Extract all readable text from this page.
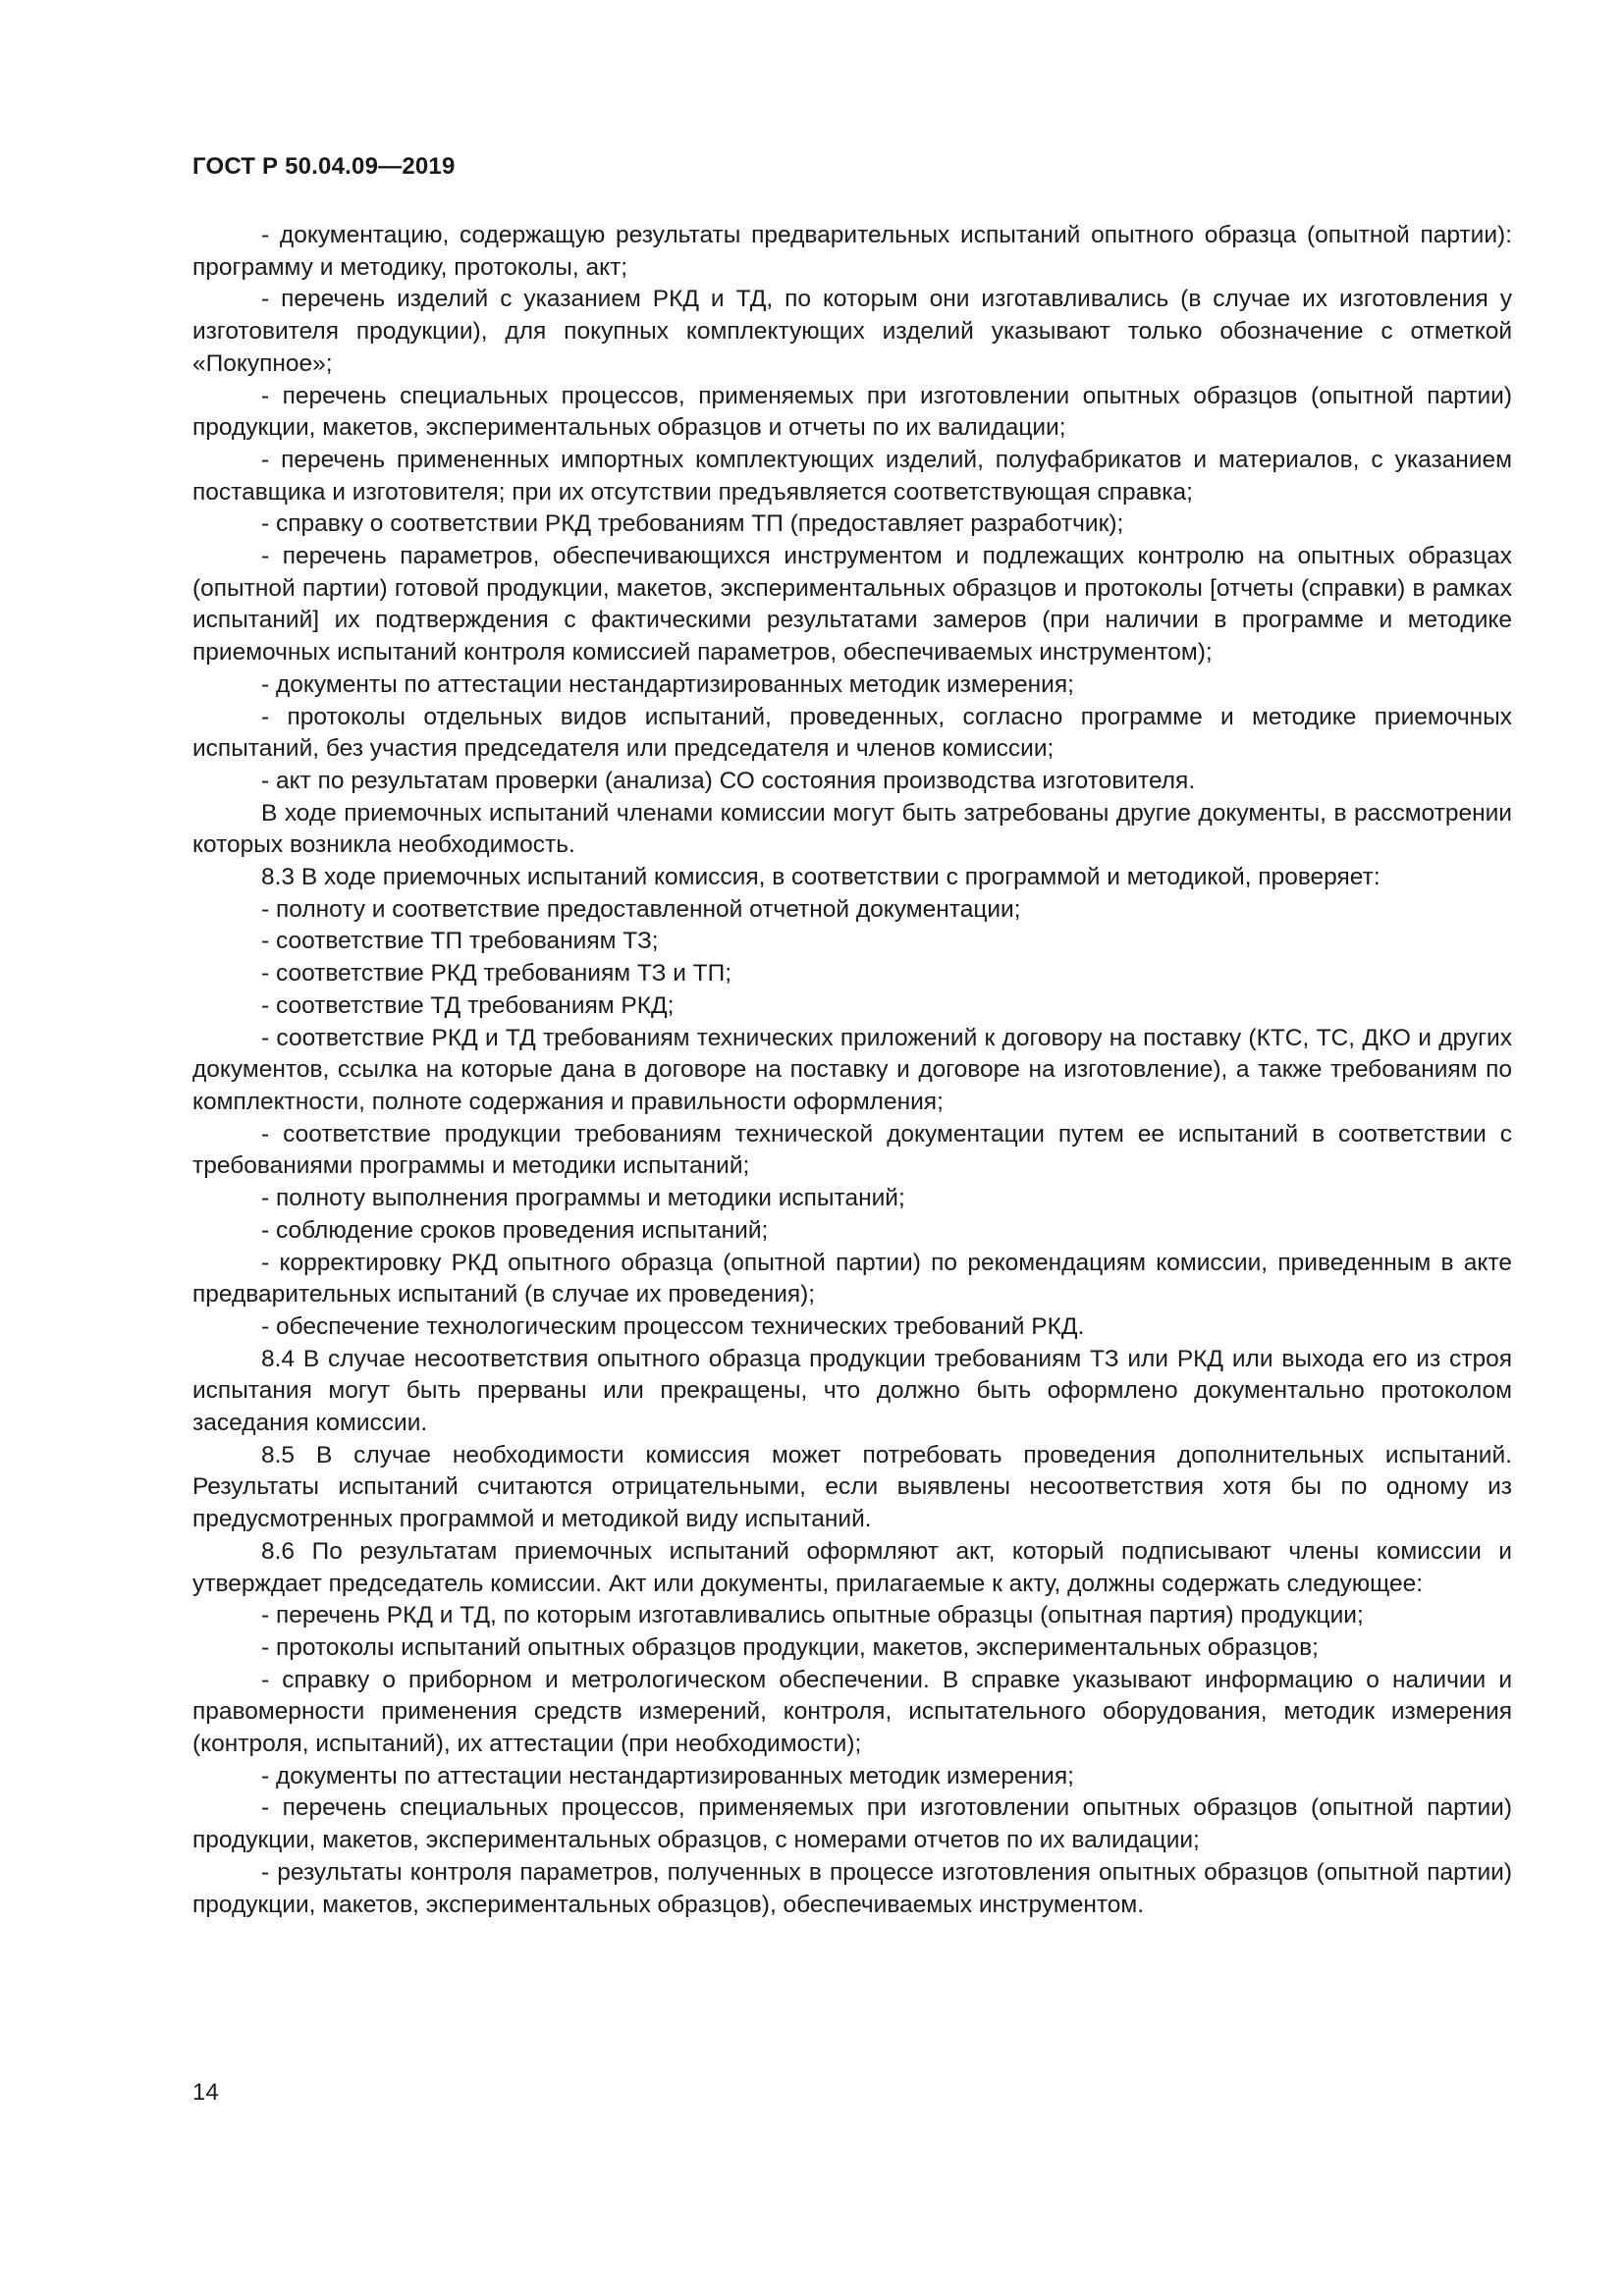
ГОСТ Р 50.04.09—2019

- документацию, содержащую результаты предварительных испытаний опытного образца (опытной партии): программу и методику, протоколы, акт;

- перечень изделий с указанием РКД и ТД, по которым они изготавливались (в случае их изготовления у изготовителя продукции), для покупных комплектующих изделий указывают только обозначение с отметкой «Покупное»;

- перечень специальных процессов, применяемых при изготовлении опытных образцов (опытной партии) продукции, макетов, экспериментальных образцов и отчеты по их валидации;

- перечень примененных импортных комплектующих изделий, полуфабрикатов и материалов, с указанием поставщика и изготовителя; при их отсутствии предъявляется соответствующая справка;

- справку о соответствии РКД требованиям ТП (предоставляет разработчик);

- перечень параметров, обеспечивающихся инструментом и подлежащих контролю на опытных образцах (опытной партии) готовой продукции, макетов, экспериментальных образцов и протоколы [отчеты (справки) в рамках испытаний] их подтверждения с фактическими результатами замеров (при наличии в программе и методике приемочных испытаний контроля комиссией параметров, обеспечиваемых инструментом);

- документы по аттестации нестандартизированных методик измерения;

- протоколы отдельных видов испытаний, проведенных, согласно программе и методике приемочных испытаний, без участия председателя или председателя и членов комиссии;

- акт по результатам проверки (анализа) СО состояния производства изготовителя.

В ходе приемочных испытаний членами комиссии могут быть затребованы другие документы, в рассмотрении которых возникла необходимость.

8.3 В ходе приемочных испытаний комиссия, в соответствии с программой и методикой, проверяет:

- полноту и соответствие предоставленной отчетной документации;

- соответствие ТП требованиям ТЗ;

- соответствие РКД требованиям ТЗ и ТП;

- соответствие ТД требованиям РКД;

- соответствие РКД и ТД требованиям технических приложений к договору на поставку (КТС, ТС, ДКО и других документов, ссылка на которые дана в договоре на поставку и договоре на изготовление), а также требованиям по комплектности, полноте содержания и правильности оформления;

- соответствие продукции требованиям технической документации путем ее испытаний в соответствии с требованиями программы и методики испытаний;

- полноту выполнения программы и методики испытаний;

- соблюдение сроков проведения испытаний;

- корректировку РКД опытного образца (опытной партии) по рекомендациям комиссии, приведенным в акте предварительных испытаний (в случае их проведения);

- обеспечение технологическим процессом технических требований РКД.

8.4 В случае несоответствия опытного образца продукции требованиям ТЗ или РКД или выхода его из строя испытания могут быть прерваны или прекращены, что должно быть оформлено документально протоколом заседания комиссии.

8.5 В случае необходимости комиссия может потребовать проведения дополнительных испытаний. Результаты испытаний считаются отрицательными, если выявлены несоответствия хотя бы по одному из предусмотренных программой и методикой виду испытаний.

8.6 По результатам приемочных испытаний оформляют акт, который подписывают члены комиссии и утверждает председатель комиссии. Акт или документы, прилагаемые к акту, должны содержать следующее:

- перечень РКД и ТД, по которым изготавливались опытные образцы (опытная партия) продукции;

- протоколы испытаний опытных образцов продукции, макетов, экспериментальных образцов;

- справку о приборном и метрологическом обеспечении. В справке указывают информацию о наличии и правомерности применения средств измерений, контроля, испытательного оборудования, методик измерения (контроля, испытаний), их аттестации (при необходимости);

- документы по аттестации нестандартизированных методик измерения;

- перечень специальных процессов, применяемых при изготовлении опытных образцов (опытной партии) продукции, макетов, экспериментальных образцов, с номерами отчетов по их валидации;

- результаты контроля параметров, полученных в процессе изготовления опытных образцов (опытной партии) продукции, макетов, экспериментальных образцов), обеспечиваемых инструментом.

14
